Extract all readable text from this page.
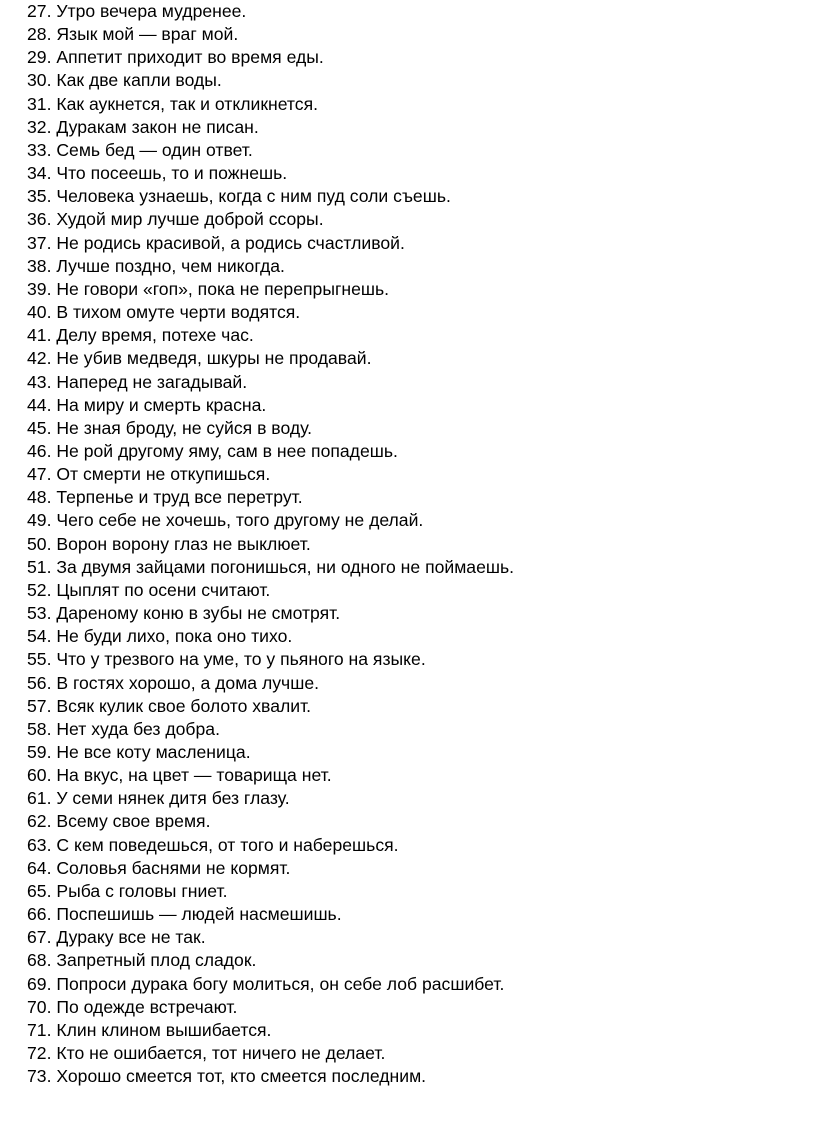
27. Утро вечера мудренее.
28. Язык мой — враг мой.
29. Аппетит приходит во время еды.
30. Как две капли воды.
31. Как аукнется, так и откликнется.
32. Дуракам закон не писан.
33. Семь бед — один ответ.
34. Что посеешь, то и пожнешь.
35. Человека узнаешь, когда с ним пуд соли съешь.
36. Худой мир лучше доброй ссоры.
37. Не родись красивой, а родись счастливой.
38. Лучше поздно, чем никогда.
39. Не говори «гоп», пока не перепрыгнешь.
40. В тихом омуте черти водятся.
41. Делу время, потехе час.
42. Не убив медведя, шкуры не продавай.
43. Наперед не загадывай.
44. На миру и смерть красна.
45. Не зная броду, не суйся в воду.
46. Не рой другому яму, сам в нее попадешь.
47. От смерти не откупишься.
48. Терпенье и труд все перетрут.
49. Чего себе не хочешь, того другому не делай.
50. Ворон ворону глаз не выклюет.
51. За двумя зайцами погонишься, ни одного не поймаешь.
52. Цыплят по осени считают.
53. Дареному коню в зубы не смотрят.
54. Не буди лихо, пока оно тихо.
55. Что у трезвого на уме, то у пьяного на языке.
56. В гостях хорошо, а дома лучше.
57. Всяк кулик свое болото хвалит.
58. Нет худа без добра.
59. Не все коту масленица.
60. На вкус, на цвет — товарища нет.
61. У семи нянек дитя без глазу.
62. Всему свое время.
63. С кем поведешься, от того и наберешься.
64. Соловья баснями не кормят.
65. Рыба с головы гниет.
66. Поспешишь — людей насмешишь.
67. Дураку все не так.
68. Запретный плод сладок.
69. Попроси дурака богу молиться, он себе лоб расшибет.
70. По одежде встречают.
71. Клин клином вышибается.
72. Кто не ошибается, тот ничего не делает.
73. Хорошо смеется тот, кто смеется последним.
